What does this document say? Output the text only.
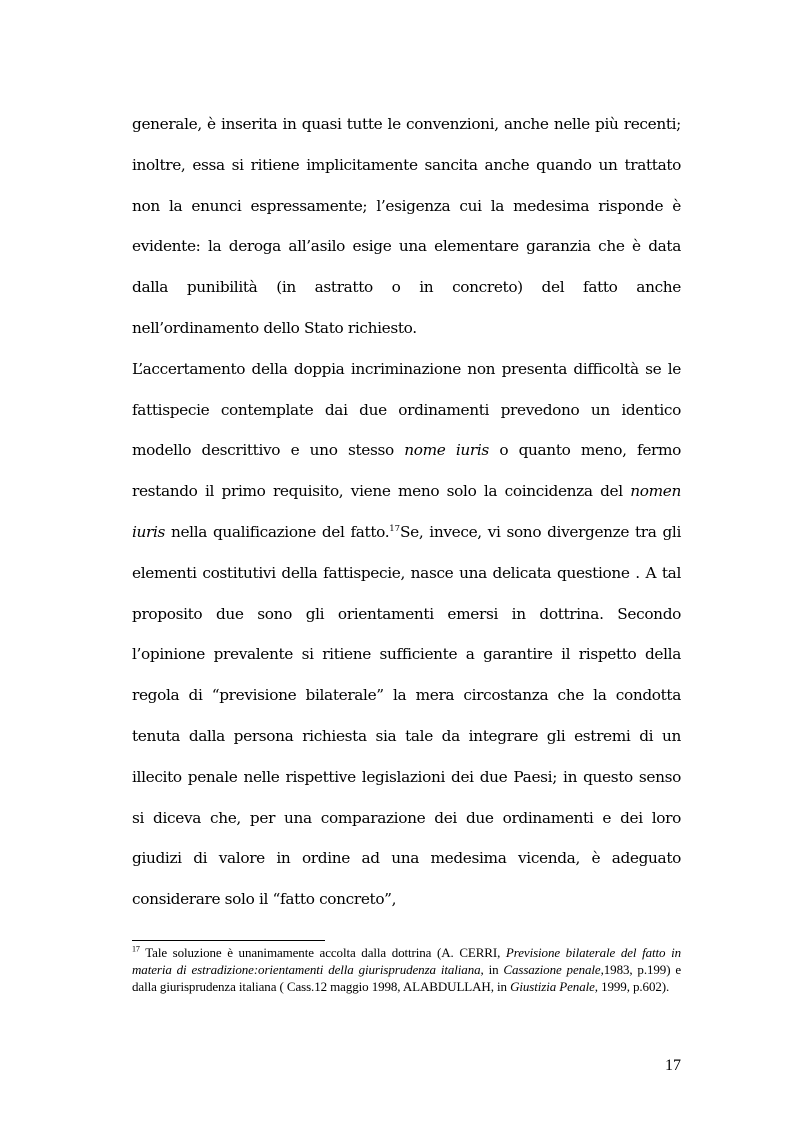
generale, è inserita in quasi tutte le convenzioni, anche nelle più recenti; inoltre, essa si ritiene implicitamente sancita anche quando un trattato non la enunci espressamente; l’esigenza cui la medesima risponde è evidente: la deroga all’asilo esige una elementare garanzia che è data dalla punibilità (in astratto o in concreto) del fatto anche nell’ordinamento dello Stato richiesto.

L’accertamento della doppia incriminazione non presenta difficoltà se le fattispecie contemplate dai due ordinamenti prevedono un identico modello descrittivo e uno stesso nome iuris o quanto meno, fermo restando il primo requisito, viene meno solo la coincidenza del nomen iuris nella qualificazione del fatto.$^{17}$Se, invece, vi sono divergenze tra gli elementi costitutivi della fattispecie, nasce una delicata questione . A tal proposito due sono gli orientamenti emersi in dottrina. Secondo l’opinione prevalente si ritiene sufficiente a garantire il rispetto della regola di “previsione bilaterale” la mera circostanza che la condotta tenuta dalla persona richiesta sia tale da integrare gli estremi di un illecito penale nelle rispettive legislazioni dei due Paesi; in questo senso si diceva che, per una comparazione dei due ordinamenti e dei loro giudizi di valore in ordine ad una medesima vicenda, è adeguato considerare solo il “fatto concreto”,

$^{17}$ Tale soluzione è unanimamente accolta dalla dottrina (A. CERRI, Previsione bilaterale del fatto in materia di estradizione:orientamenti della giurisprudenza italiana, in Cassazione penale,1983, p.199) e dalla giurisprudenza italiana ( Cass.12 maggio 1998, ALABDULLAH, in Giustizia Penale, 1999, p.602).
17
